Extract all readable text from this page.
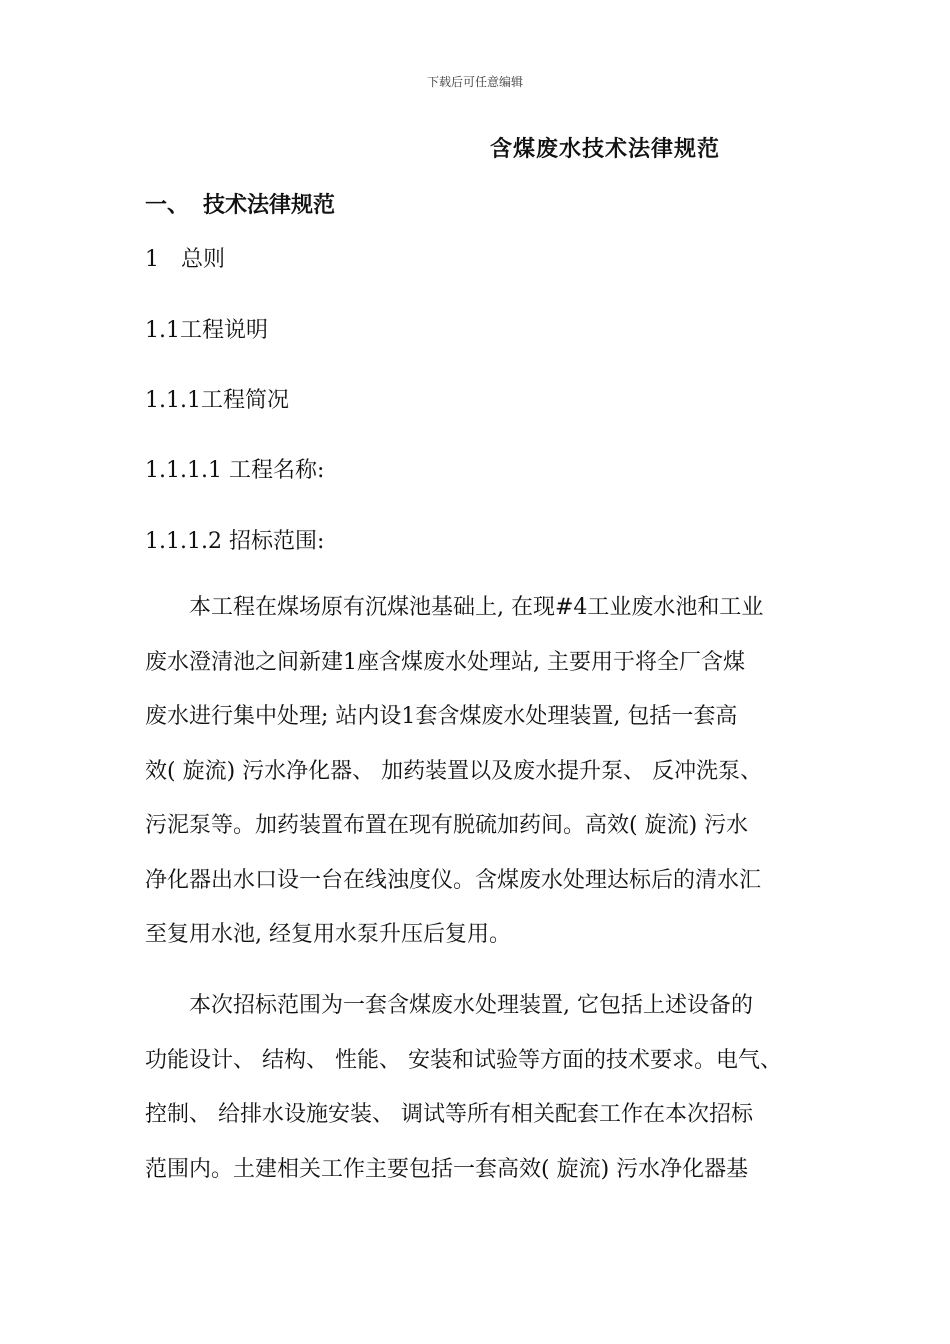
下载后可任意编辑
含煤废水技术法律规范
一、 技术法律规范
1　总则
1.1工程说明
1.1.1工程简况
1.1.1.1 工程名称:
1.1.1.2 招标范围:
　　本工程在煤场原有沉煤池基础上, 在现#4工业废水池和工业
废水澄清池之间新建1座含煤废水处理站, 主要用于将全厂含煤
废水进行集中处理; 站内设1套含煤废水处理装置, 包括一套高
效( 旋流) 污水净化器、 加药装置以及废水提升泵、 反冲洗泵、
污泥泵等。加药装置布置在现有脱硫加药间。高效( 旋流) 污水
净化器出水口设一台在线浊度仪。含煤废水处理达标后的清水汇
至复用水池, 经复用水泵升压后复用。
　　本次招标范围为一套含煤废水处理装置, 它包括上述设备的
功能设计、 结构、 性能、 安装和试验等方面的技术要求。电气、
控制、 给排水设施安装、 调试等所有相关配套工作在本次招标
范围内。土建相关工作主要包括一套高效( 旋流) 污水净化器基
